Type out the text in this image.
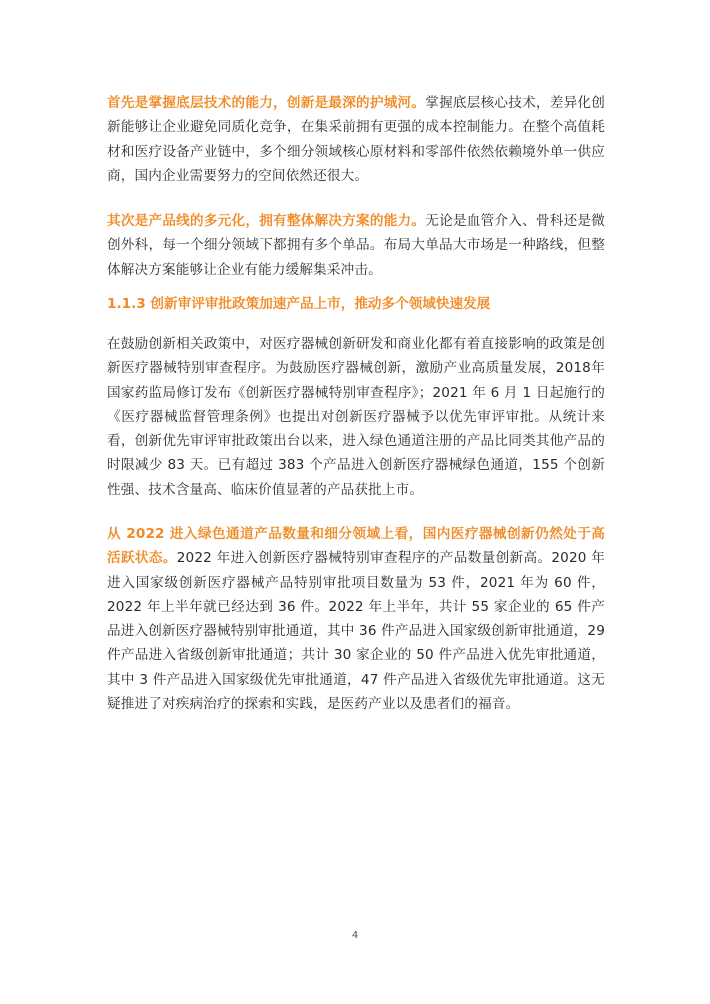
首先是掌握底层技术的能力，创新是最深的护城河。掌握底层核心技术，差异化创新能够让企业避免同质化竞争，在集采前拥有更强的成本控制能力。在整个高值耗材和医疗设备产业链中，多个细分领域核心原材料和零部件依然依赖境外单一供应商，国内企业需要努力的空间依然还很大。

其次是产品线的多元化，拥有整体解决方案的能力。无论是血管介入、骨科还是微创外科，每一个细分领域下都拥有多个单品。布局大单品大市场是一种路线，但整体解决方案能够让企业有能力缓解集采冲击。

1.1.3 创新审评审批政策加速产品上市，推动多个领域快速发展

在鼓励创新相关政策中，对医疗器械创新研发和商业化都有着直接影响的政策是创新医疗器械特别审查程序。为鼓励医疗器械创新，激励产业高质量发展，2018年国家药监局修订发布《创新医疗器械特别审查程序》；2021 年 6 月 1 日起施行的《医疗器械监督管理条例》也提出对创新医疗器械予以优先审评审批。从统计来看，创新优先审评审批政策出台以来，进入绿色通道注册的产品比同类其他产品的时限减少 83 天。已有超过 383 个产品进入创新医疗器械绿色通道，155 个创新性强、技术含量高、临床价值显著的产品获批上市。

从 2022 进入绿色通道产品数量和细分领域上看，国内医疗器械创新仍然处于高活跃状态。2022 年进入创新医疗器械特别审查程序的产品数量创新高。2020 年进入国家级创新医疗器械产品特别审批项目数量为 53 件，2021 年为 60 件，2022 年上半年就已经达到 36 件。2022 年上半年，共计 55 家企业的 65 件产品进入创新医疗器械特别审批通道，其中 36 件产品进入国家级创新审批通道，29 件产品进入省级创新审批通道；共计 30 家企业的 50 件产品进入优先审批通道，其中 3 件产品进入国家级优先审批通道，47 件产品进入省级优先审批通道。这无疑推进了对疾病治疗的探索和实践，是医药产业以及患者们的福音。

4
